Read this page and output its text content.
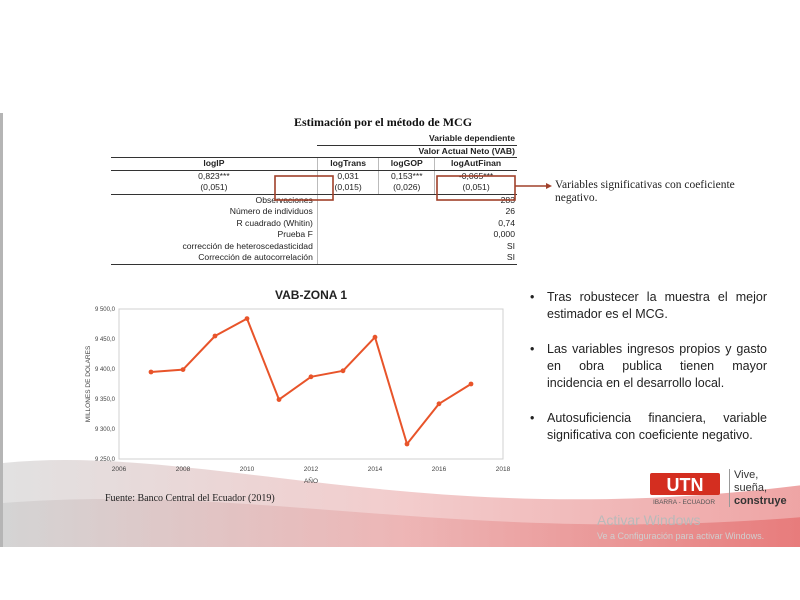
Estimación por el método de MCG
	Variable dependiente		
	Valor Actual Neto (VAB)		
logIP	logTrans	logGOP	logAutFinan
0,823***	0,031	0,153***	-0,065***
(0,051)	(0,015)	(0,026)	(0,051)
Observaciones	283		
Número de individuos	26		
R cuadrado (Whitin)	0,74		
Prueba F	0,000		
corrección de heteroscedasticidad	SI		
Corrección de autocorrelación	SI		
Variables significativas con coeficiente negativo.
VAB-ZONA 1
9 250,0
9 300,0
9 350,0
9 400,0
9 450,0
9 500,0
2006	2008	2010	2012	2014	2016	2018
AÑO
MILLONES DE DOLARES
• Tras robustecer la muestra el mejor estimador es el MCG.
• Las variables ingresos propios y gasto en obra publica tienen mayor incidencia en el desarrollo local.
• Autosuficiencia financiera, variable significativa con coeficiente negativo.
Fuente: Banco Central del Ecuador (2019)
UTN
IBARRA - ECUADOR
Vive,
sueña,
construye
Activar Windows
Ve a Configuración para activar Windows.
